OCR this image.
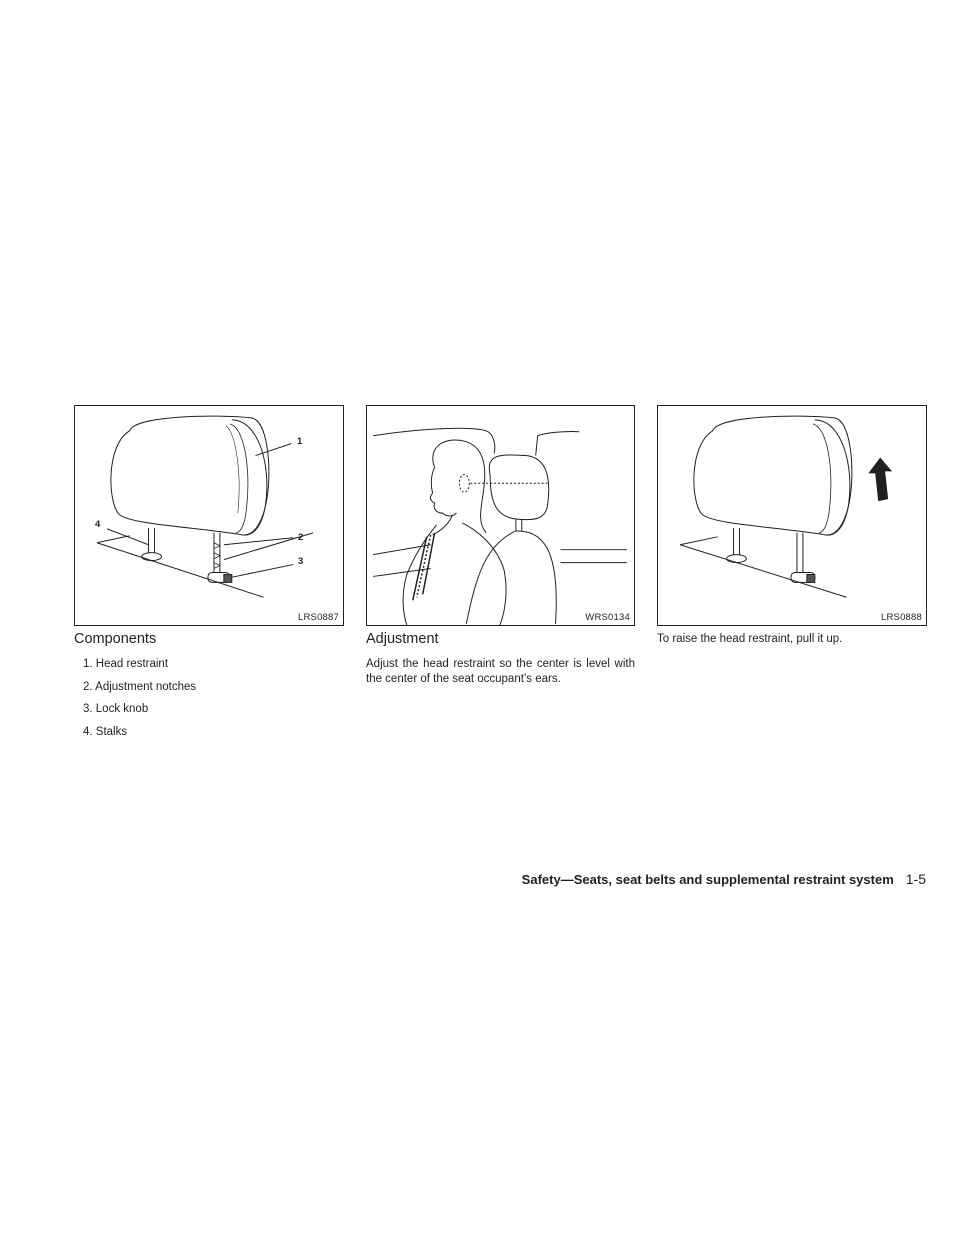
1
2
3
4
LRS0887	WRS0134	LRS0888
Components
1. Head restraint
2. Adjustment notches
3. Lock knob
4. Stalks
Adjustment
Adjust the head restraint so the center is level with the center of the seat occupant’s ears.
To raise the head restraint, pull it up.
Safety—Seats, seat belts and supplemental restraint system 1-5
